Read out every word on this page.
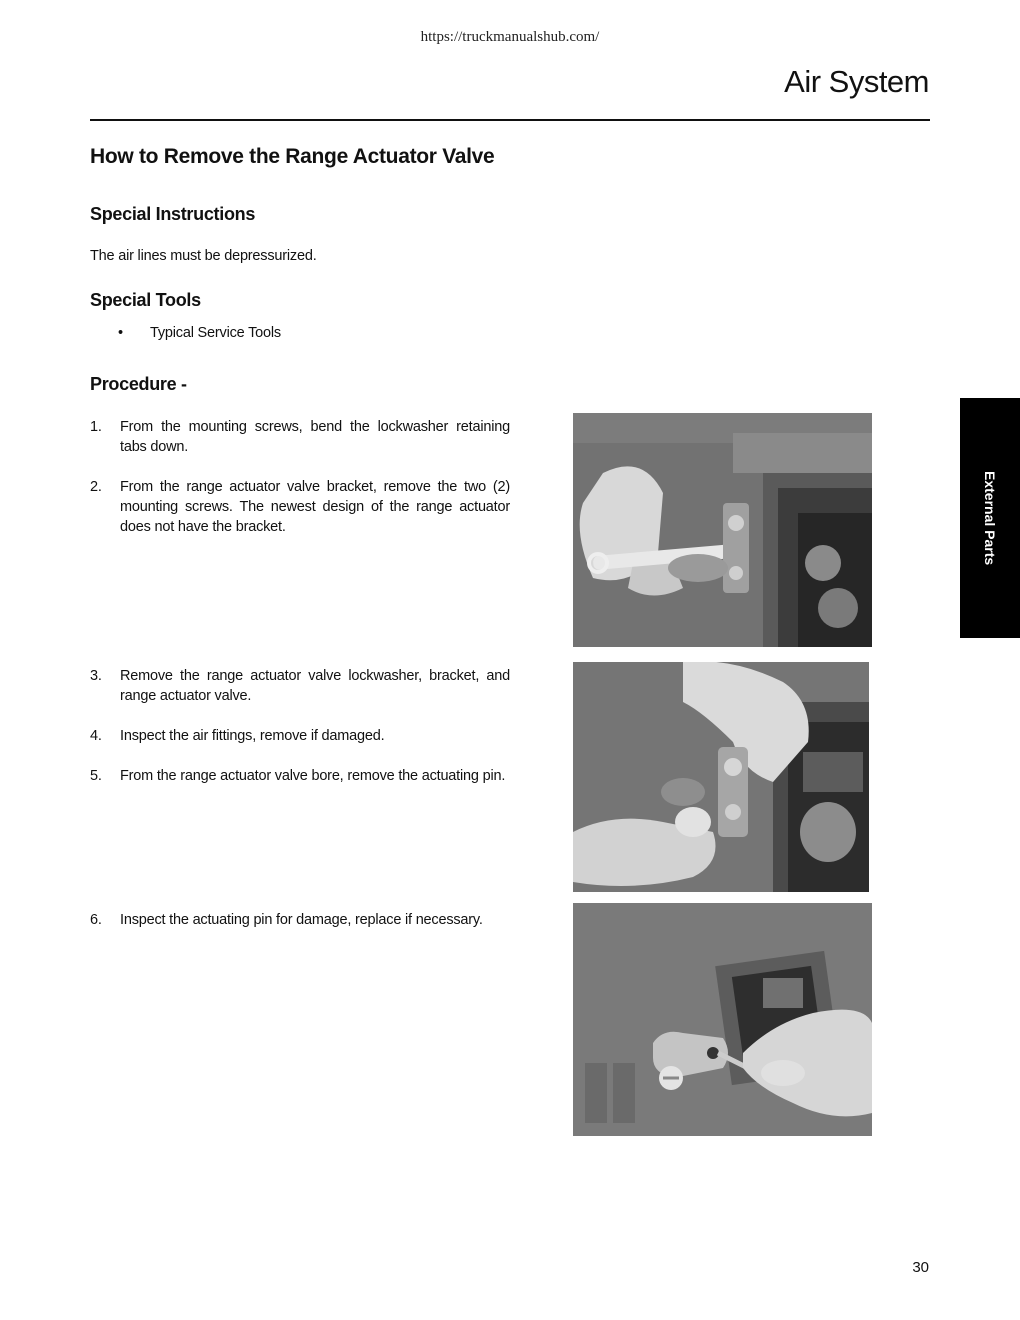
https://truckmanualshub.com/
Air System
How to Remove the Range Actuator Valve
Special Instructions
The air lines must be depressurized.
Special Tools
• Typical Service Tools
Procedure -
1. From the mounting screws, bend the lockwasher retaining tabs down.
2. From the range actuator valve bracket, remove the two (2) mounting screws. The newest design of the range actuator does not have the bracket.
3. Remove the range actuator valve lockwasher, bracket, and range actuator valve.
4. Inspect the air fittings, remove if damaged.
5. From the range actuator valve bore, remove the actuating pin.
6. Inspect the actuating pin for damage, replace if necessary.
External Parts
30
